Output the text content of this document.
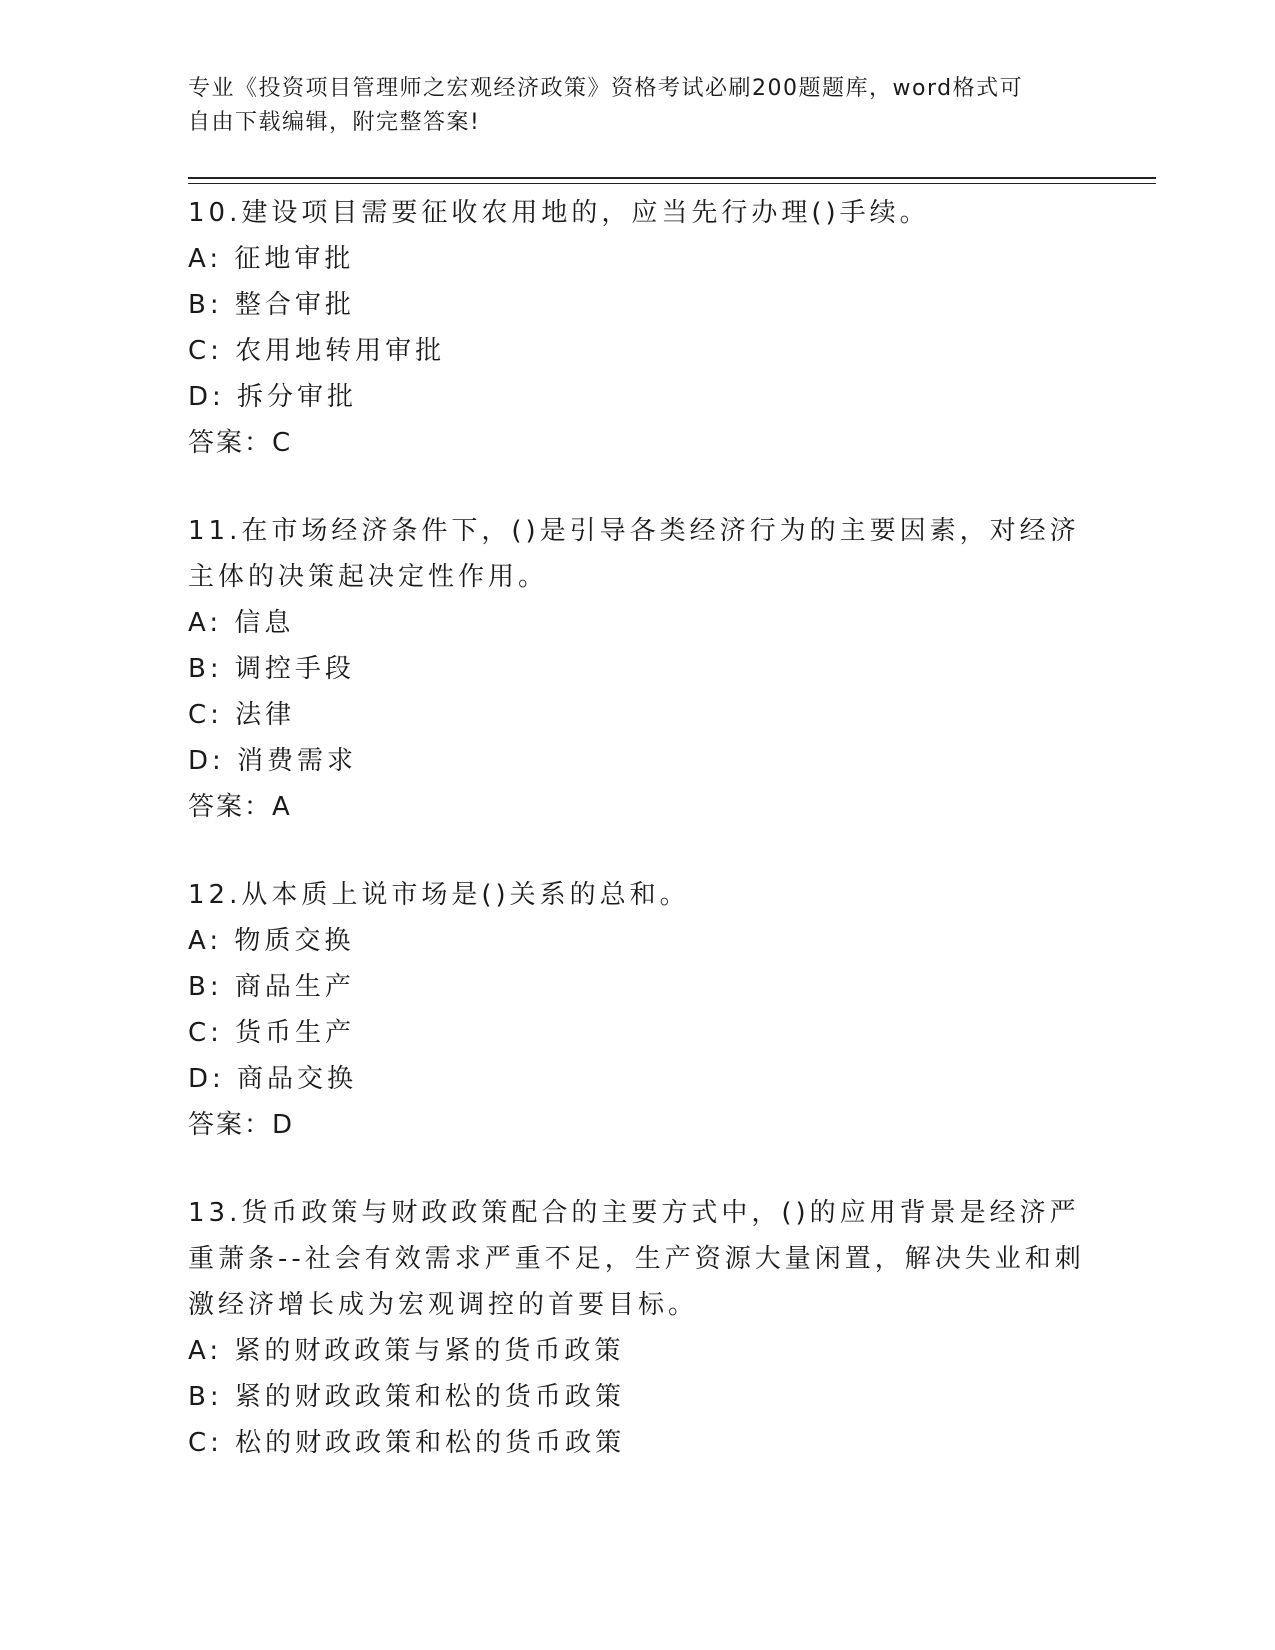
专业《投资项目管理师之宏观经济政策》资格考试必刷200题题库，word格式可
自由下载编辑，附完整答案!

10.建设项目需要征收农用地的，应当先行办理()手续。

A: 征地审批

B: 整合审批

C: 农用地转用审批

D: 拆分审批

答案：C

11.在市场经济条件下，()是引导各类经济行为的主要因素，对经济主体的决策起决定性作用。

A: 信息

B: 调控手段

C: 法律

D: 消费需求

答案：A

12.从本质上说市场是()关系的总和。

A: 物质交换

B: 商品生产

C: 货币生产

D: 商品交换

答案：D

13.货币政策与财政政策配合的主要方式中，()的应用背景是经济严重萧条--社会有效需求严重不足，生产资源大量闲置，解决失业和刺激经济增长成为宏观调控的首要目标。

A: 紧的财政政策与紧的货币政策

B: 紧的财政政策和松的货币政策

C: 松的财政政策和松的货币政策
